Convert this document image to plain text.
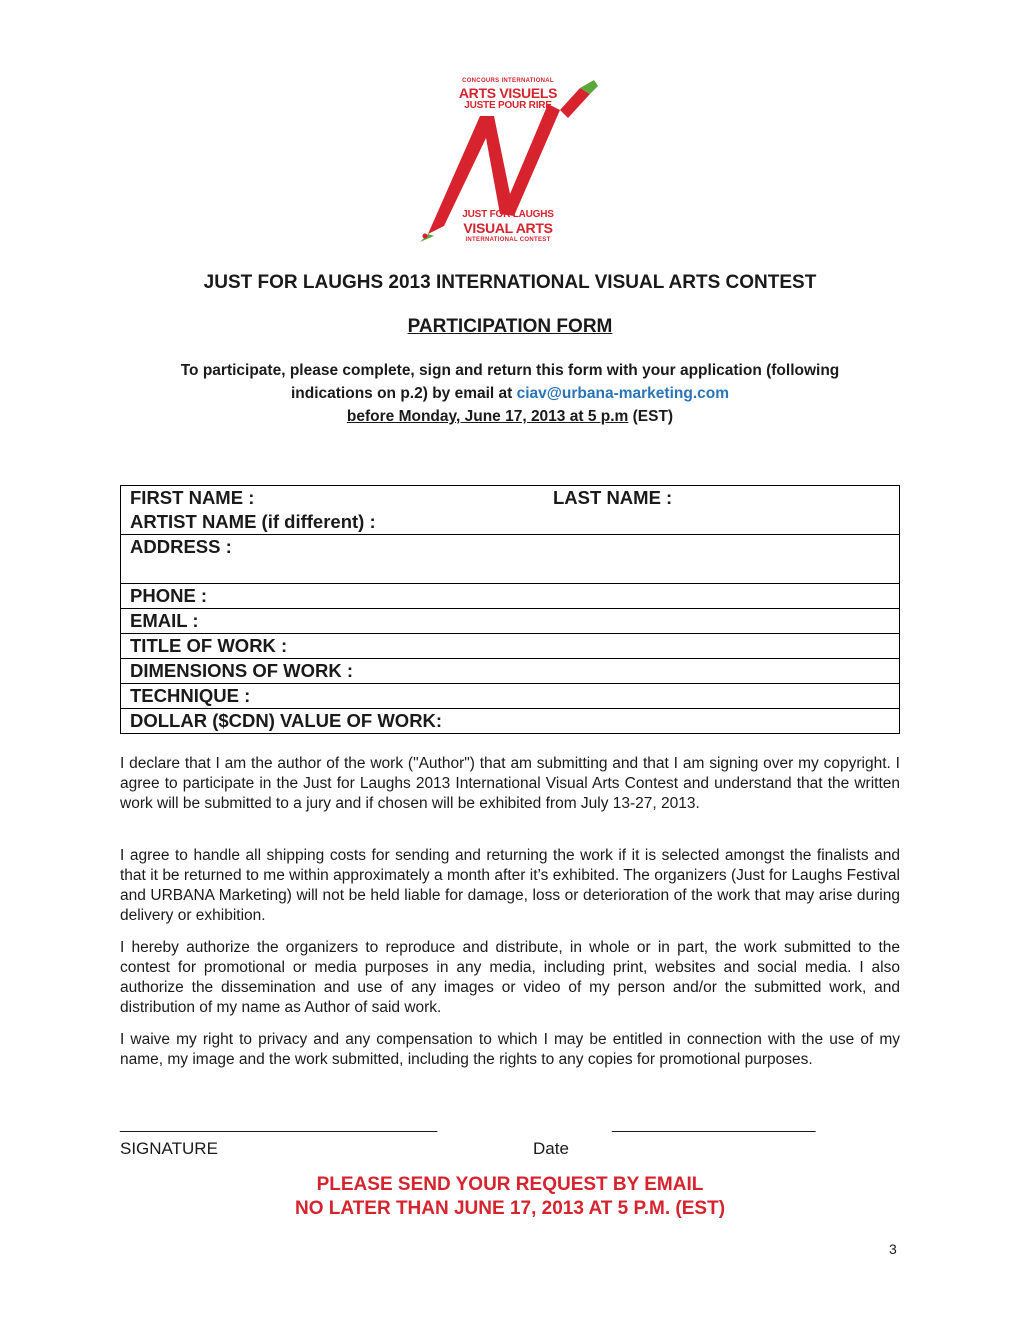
CONCOURS INTERNATIONAL
ARTS VISUELS
JUSTE POUR RIRE
JUST FOR LAUGHS
VISUAL ARTS
INTERNATIONAL CONTEST
JUST FOR LAUGHS 2013 INTERNATIONAL VISUAL ARTS CONTEST
PARTICIPATION FORM
To participate, please complete, sign and return this form with your application (following
indications on p.2) by email at ciav@urbana-marketing.com
before Monday, June 17, 2013 at 5 p.m (EST)
FIRST NAME :	LAST NAME :
ARTIST NAME (if different) :

ADDRESS :
PHONE :
EMAIL :
TITLE OF WORK :
DIMENSIONS OF WORK :
TECHNIQUE :
DOLLAR ($CDN) VALUE OF WORK:

I declare that I am the author of the work ("Author") that am submitting and that I am signing over my copyright. I agree to participate in the Just for Laughs 2013 International Visual Arts Contest and understand that the written work will be submitted to a jury and if chosen will be exhibited from July 13-27, 2013.

I agree to handle all shipping costs for sending and returning the work if it is selected amongst the finalists and that it be returned to me within approximately a month after it’s exhibited. The organizers (Just for Laughs Festival and URBANA Marketing) will not be held liable for damage, loss or deterioration of the work that may arise during delivery or exhibition.

I hereby authorize the organizers to reproduce and distribute, in whole or in part, the work submitted to the contest for promotional or media purposes in any media, including print, websites and social media. I also authorize the dissemination and use of any images or video of my person and/or the submitted work, and distribution of my name as Author of said work.

I waive my right to privacy and any compensation to which I may be entitled in connection with the use of my name, my image and the work submitted, including the rights to any copies for promotional purposes.

_______________________________________	_________________________
SIGNATURE	Date
PLEASE SEND YOUR REQUEST BY EMAIL
NO LATER THAN JUNE 17, 2013 AT 5 P.M. (EST)
3
